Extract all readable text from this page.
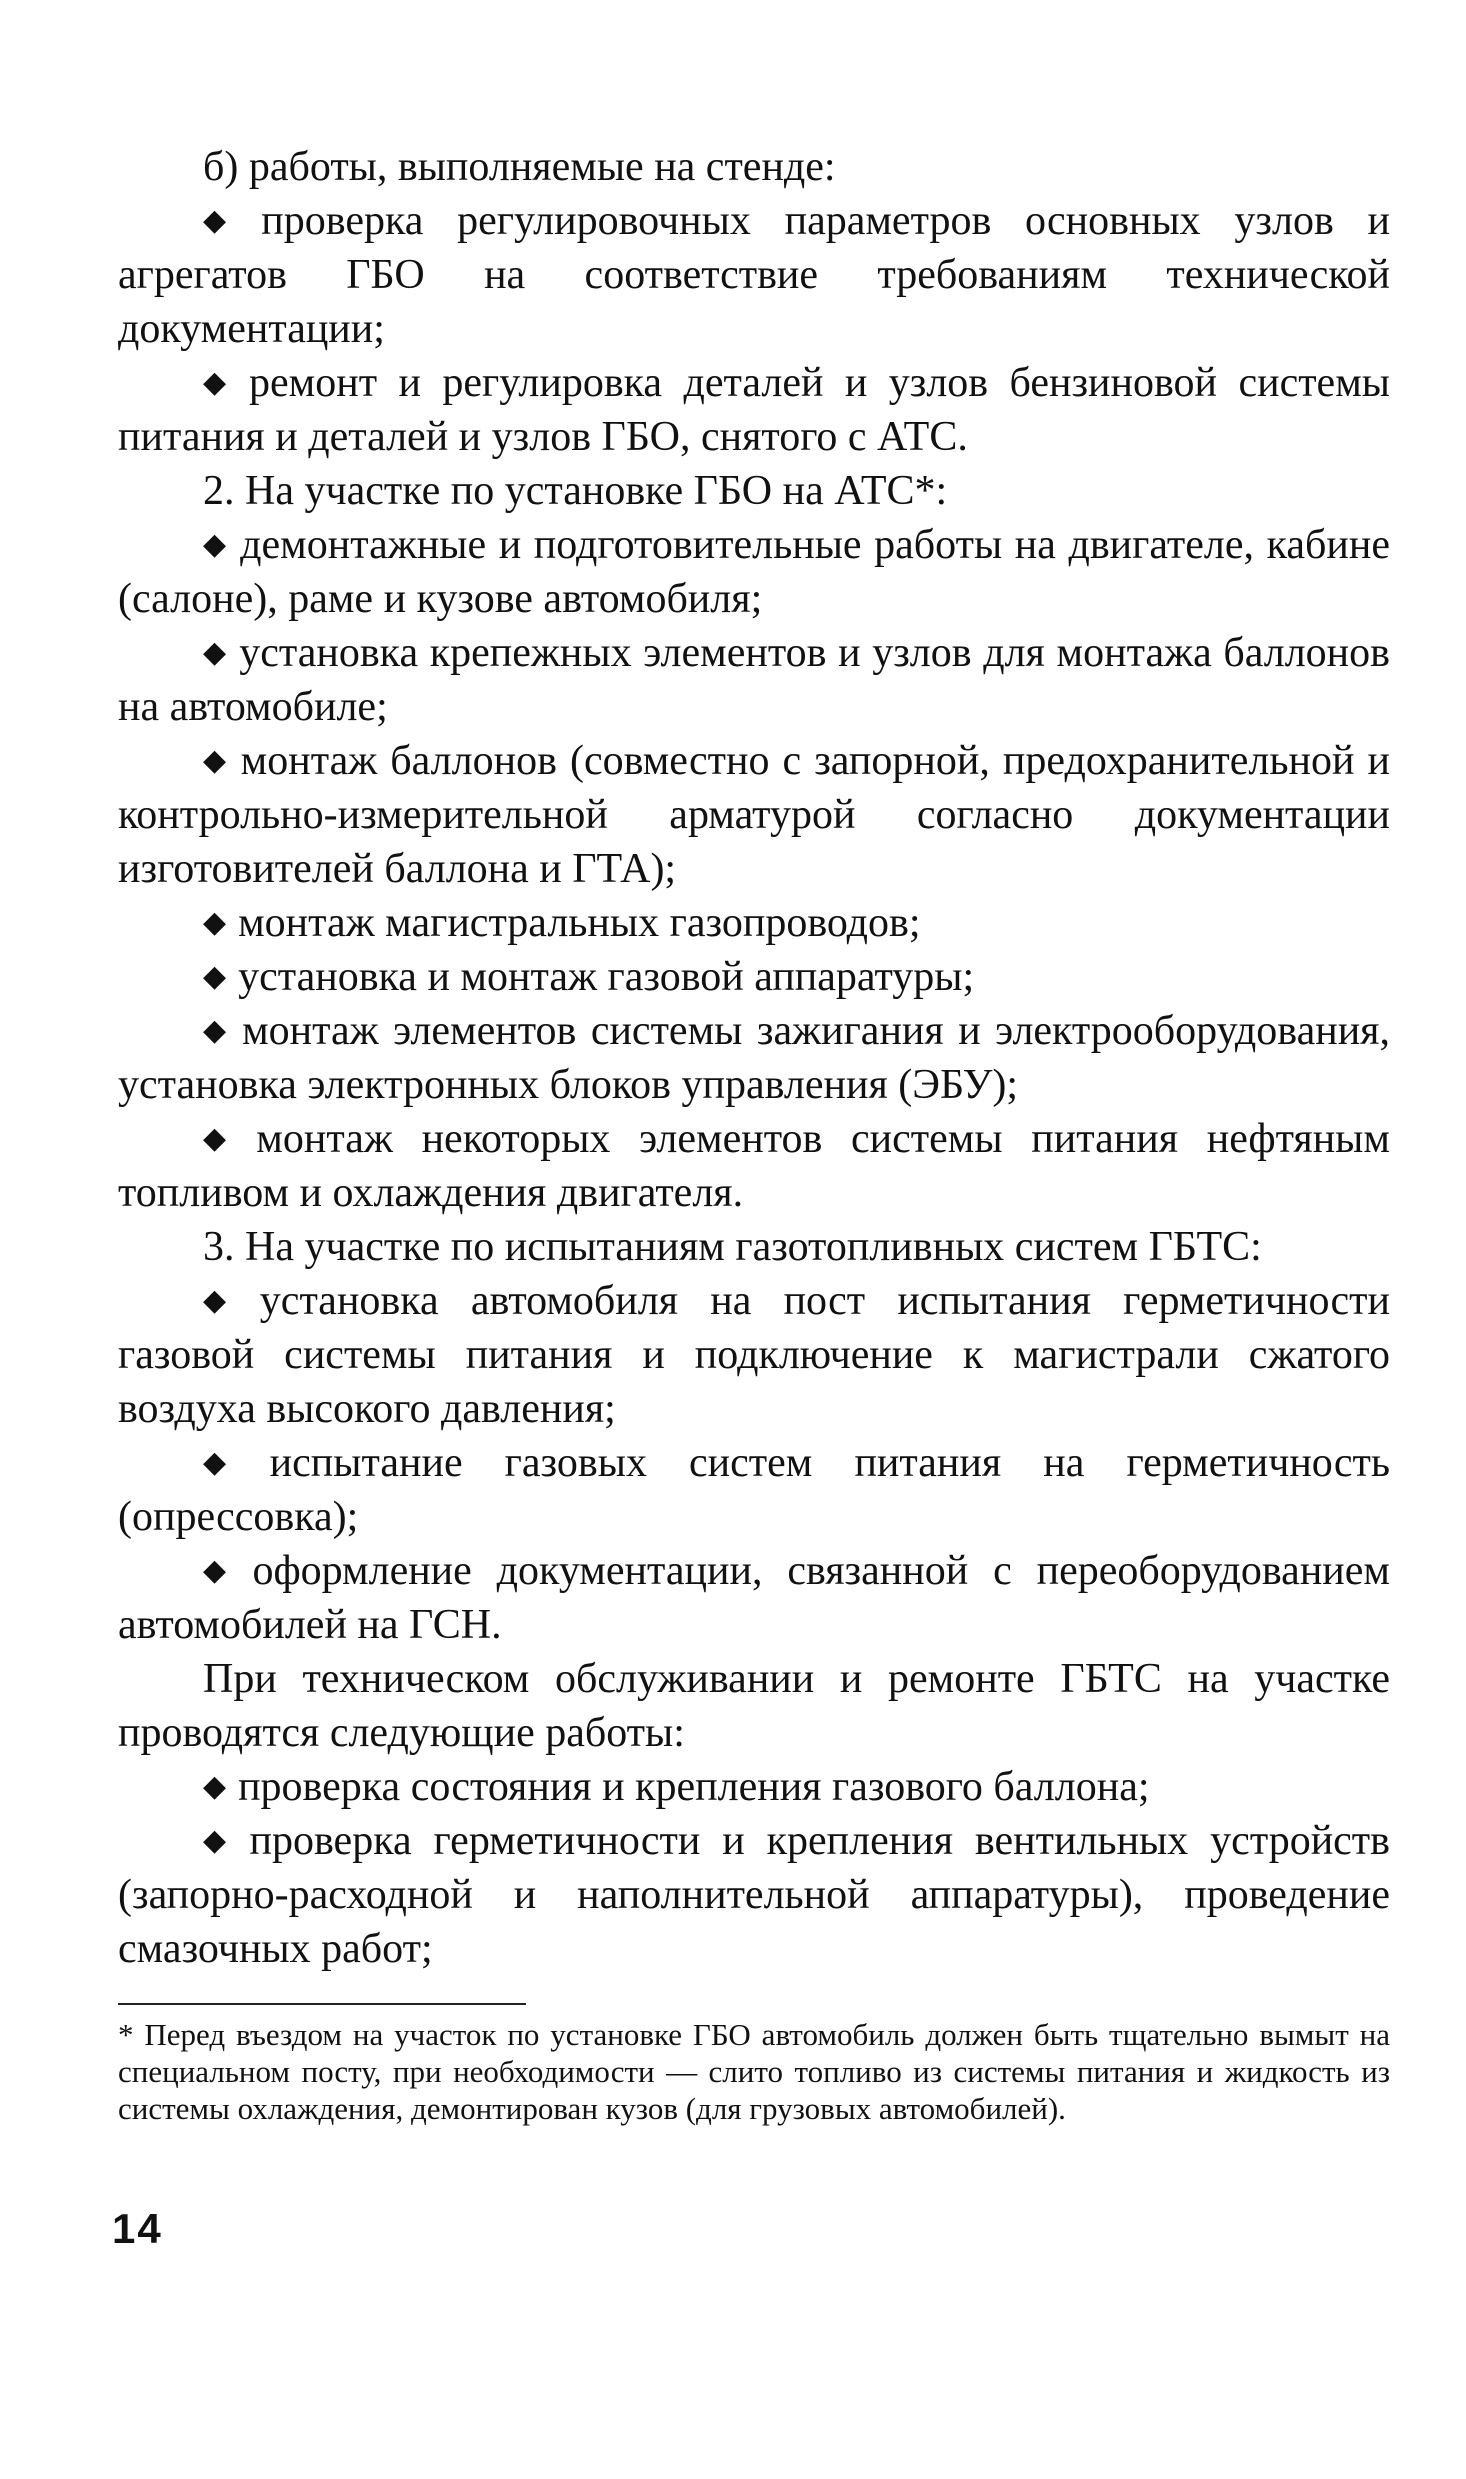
б) работы, выполняемые на стенде:

◆ проверка регулировочных параметров основных узлов и агрегатов ГБО на соответствие требованиям технической документации;

◆ ремонт и регулировка деталей и узлов бензиновой системы питания и деталей и узлов ГБО, снятого с АТС.

2. На участке по установке ГБО на АТС*:

◆ демонтажные и подготовительные работы на двигателе, кабине (салоне), раме и кузове автомобиля;

◆ установка крепежных элементов и узлов для монтажа баллонов на автомобиле;

◆ монтаж баллонов (совместно с запорной, предохранительной и контрольно-измерительной арматурой согласно документации изготовителей баллона и ГТА);

◆ монтаж магистральных газопроводов;

◆ установка и монтаж газовой аппаратуры;

◆ монтаж элементов системы зажигания и электрооборудования, установка электронных блоков управления (ЭБУ);

◆ монтаж некоторых элементов системы питания нефтяным топливом и охлаждения двигателя.

3. На участке по испытаниям газотопливных систем ГБТС:

◆ установка автомобиля на пост испытания герметичности газовой системы питания и подключение к магистрали сжатого воздуха высокого давления;

◆ испытание газовых систем питания на герметичность (опрессовка);

◆ оформление документации, связанной с переоборудованием автомобилей на ГСН.

При техническом обслуживании и ремонте ГБТС на участке проводятся следующие работы:

◆ проверка состояния и крепления газового баллона;

◆ проверка герметичности и крепления вентильных устройств (запорно-расходной и наполнительной аппаратуры), проведение смазочных работ;

* Перед въездом на участок по установке ГБО автомобиль должен быть тщательно вымыт на специальном посту, при необходимости — слито топливо из системы питания и жидкость из системы охлаждения, демонтирован кузов (для грузовых автомобилей).
14
